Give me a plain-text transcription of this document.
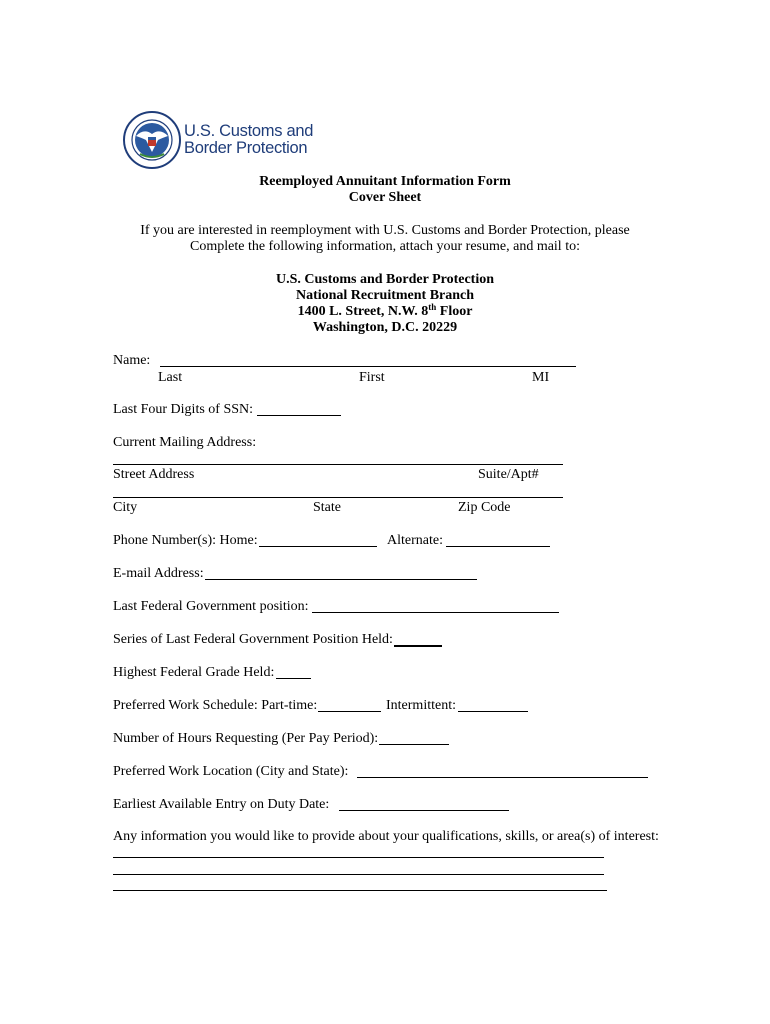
U.S. Customs and
Border Protection
Reemployed Annuitant Information Form
Cover Sheet
If you are interested in reemployment with U.S. Customs and Border Protection, please
Complete the following information, attach your resume, and mail to:
U.S. Customs and Border Protection
National Recruitment Branch
1400 L. Street, N.W. 8th Floor
Washington, D.C. 20229
Name:
Last	First	MI
Last Four Digits of SSN:
Current Mailing Address:
Street Address	Suite/Apt#
City	State	Zip Code
Phone Number(s): Home:	Alternate:
E-mail Address:
Last Federal Government position:
Series of Last Federal Government Position Held:
Highest Federal Grade Held:
Preferred Work Schedule: Part-time:	Intermittent:
Number of Hours Requesting (Per Pay Period):
Preferred Work Location (City and State):
Earliest Available Entry on Duty Date:
Any information you would like to provide about your qualifications, skills, or area(s) of interest:
